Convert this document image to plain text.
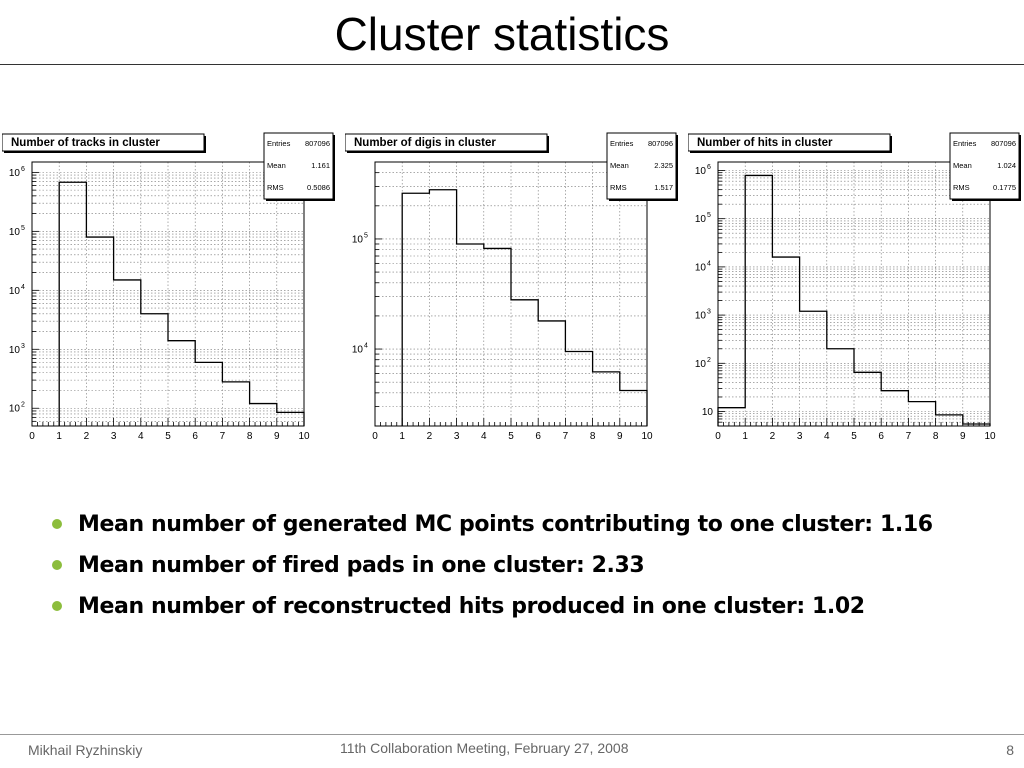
Cluster statistics
0 1 2 3 4 5 6 7 8 9 10
10 2
10 3
10 4
10 5
10 6
Number of tracks in cluster	Entries 807096
Mean	1.161
RMS	0.5086
0 1 2 3 4 5 6 7 8 9 10
10 4
10 5
Number of digis in cluster	Entries 807096
Mean	2.325
RMS	1.517
0 1 2 3 4 5 6 7 8 9 10
10
10 2
10 3
10 4
10 5
10 6
Number of hits in cluster	Entries 807096
Mean	1.024
RMS	0.1775
Mean number of generated MC points contributing to one cluster: 1.16
Mean number of fired pads in one cluster: 2.33
Mean number of reconstructed hits produced in one cluster: 1.02
Mikhail Ryzhinskiy	11th Collaboration Meeting, February 27, 2008	8
